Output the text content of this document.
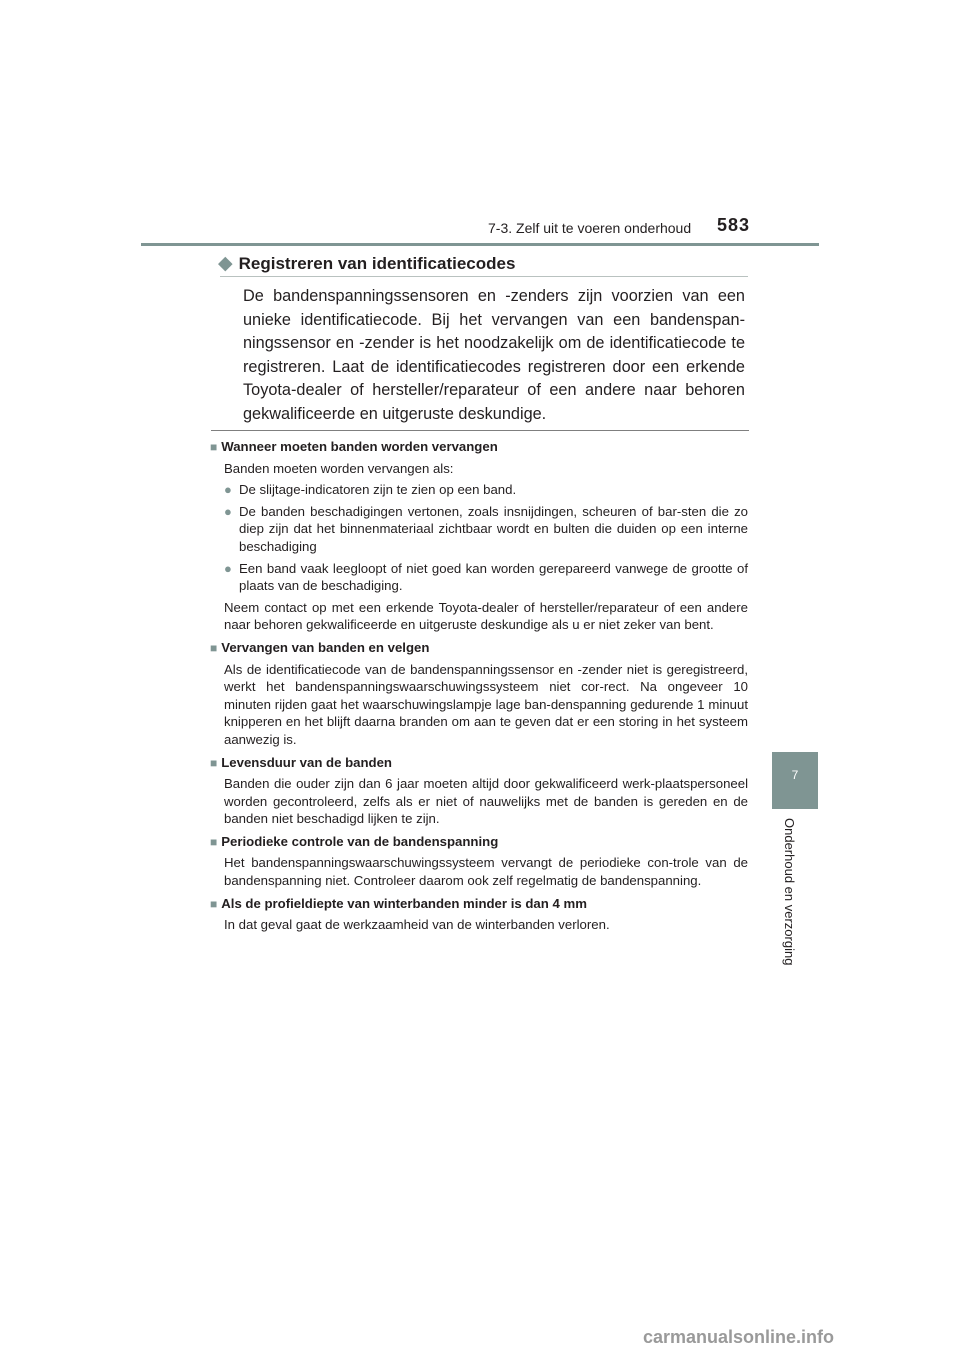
7-3. Zelf uit te voeren onderhoud 583
7
Onderhoud en verzorging
◆ Registreren van identificatiecodes

De bandenspanningssensoren en -zenders zijn voorzien van een unieke identificatiecode. Bij het vervangen van een bandenspan-ningssensor en -zender is het noodzakelijk om de identificatiecode te registreren. Laat de identificatiecodes registreren door een erkende Toyota-dealer of hersteller/reparateur of een andere naar behoren gekwalificeerde en uitgeruste deskundige.

■ Wanneer moeten banden worden vervangen

Banden moeten worden vervangen als:

● De slijtage-indicatoren zijn te zien op een band.
● De banden beschadigingen vertonen, zoals insnijdingen, scheuren of bar-sten die zo diep zijn dat het binnenmateriaal zichtbaar wordt en bulten die duiden op een interne beschadiging
● Een band vaak leegloopt of niet goed kan worden gerepareerd vanwege de grootte of plaats van de beschadiging.

Neem contact op met een erkende Toyota-dealer of hersteller/reparateur of een andere naar behoren gekwalificeerde en uitgeruste deskundige als u er niet zeker van bent.

■ Vervangen van banden en velgen

Als de identificatiecode van de bandenspanningssensor en -zender niet is geregistreerd, werkt het bandenspanningswaarschuwingssysteem niet cor-rect. Na ongeveer 10 minuten rijden gaat het waarschuwingslampje lage ban-denspanning gedurende 1 minuut knipperen en het blijft daarna branden om aan te geven dat er een storing in het systeem aanwezig is.

■ Levensduur van de banden

Banden die ouder zijn dan 6 jaar moeten altijd door gekwalificeerd werk-plaatspersoneel worden gecontroleerd, zelfs als er niet of nauwelijks met de banden is gereden en de banden niet beschadigd lijken te zijn.

■ Periodieke controle van de bandenspanning

Het bandenspanningswaarschuwingssysteem vervangt de periodieke con-trole van de bandenspanning niet. Controleer daarom ook zelf regelmatig de bandenspanning.

■ Als de profieldiepte van winterbanden minder is dan 4 mm

In dat geval gaat de werkzaamheid van de winterbanden verloren.

carmanualsonline.info
